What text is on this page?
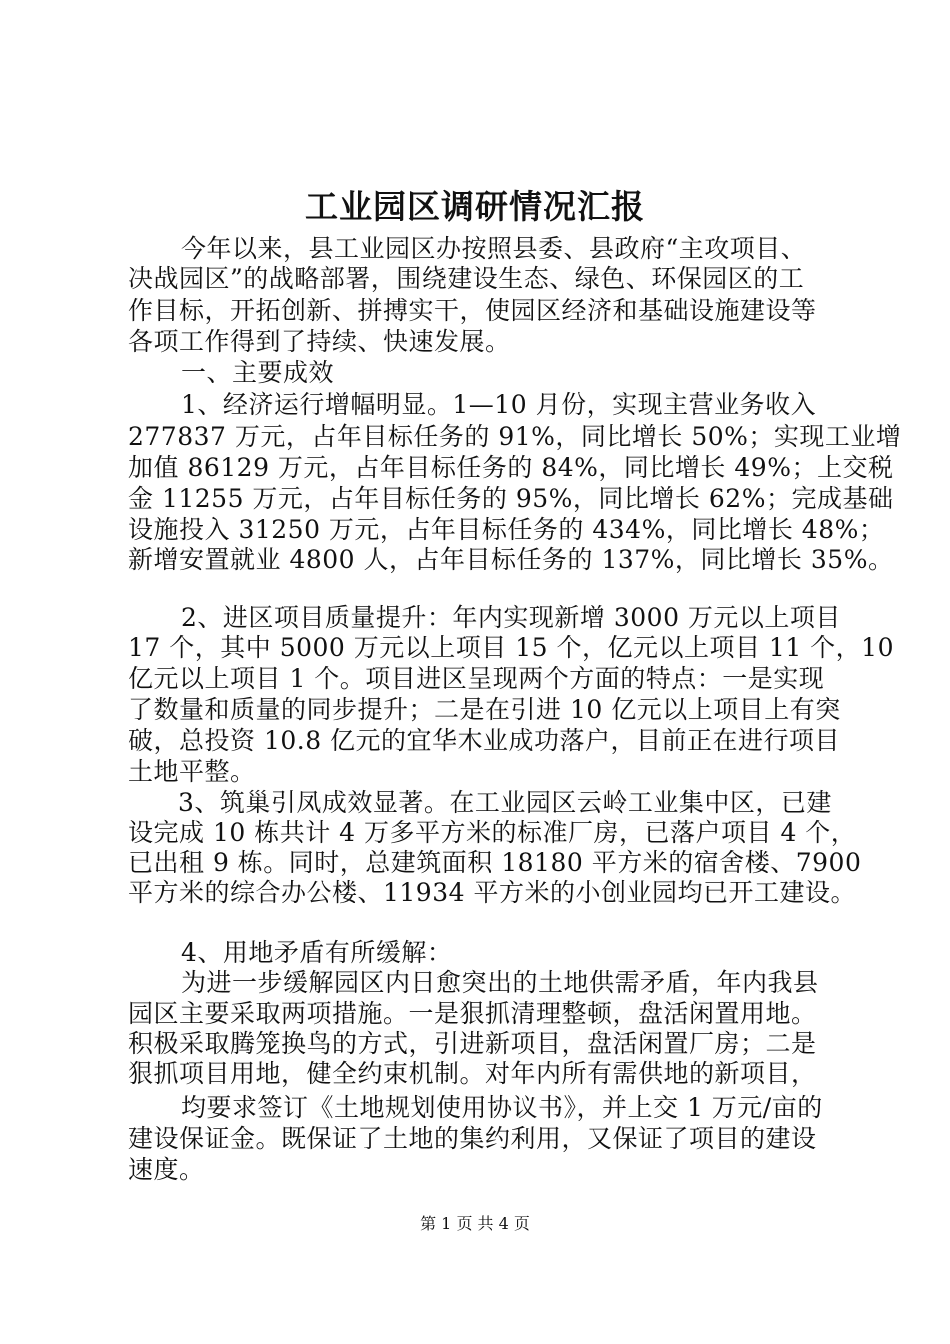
工业园区调研情况汇报
今年以来，县工业园区办按照县委、县政府“主攻项目、
决战园区”的战略部署，围绕建设生态、绿色、环保园区的工
作目标，开拓创新、拼搏实干，使园区经济和基础设施建设等
各项工作得到了持续、快速发展。
一、主要成效
1、经济运行增幅明显。1—10 月份，实现主营业务收入
277837 万元，占年目标任务的 91%，同比增长 50%；实现工业增
加值 86129 万元，占年目标任务的 84%，同比增长 49%；上交税
金 11255 万元，占年目标任务的 95%，同比增长 62%；完成基础
设施投入 31250 万元，占年目标任务的 434%，同比增长 48%；
新增安置就业 4800 人，占年目标任务的 137%，同比增长 35%。
2、进区项目质量提升：年内实现新增 3000 万元以上项目
17 个，其中 5000 万元以上项目 15 个，亿元以上项目 11 个，10
亿元以上项目 1 个。项目进区呈现两个方面的特点：一是实现
了数量和质量的同步提升；二是在引进 10 亿元以上项目上有突
破，总投资 10.8 亿元的宜华木业成功落户，目前正在进行项目
土地平整。
3、筑巢引凤成效显著。在工业园区云岭工业集中区，已建
设完成 10 栋共计 4 万多平方米的标准厂房，已落户项目 4 个，
已出租 9 栋。同时，总建筑面积 18180 平方米的宿舍楼、7900
平方米的综合办公楼、11934 平方米的小创业园均已开工建设。
4、用地矛盾有所缓解：
为进一步缓解园区内日愈突出的土地供需矛盾，年内我县
园区主要采取两项措施。一是狠抓清理整顿，盘活闲置用地。
积极采取腾笼换鸟的方式，引进新项目，盘活闲置厂房；二是
狠抓项目用地，健全约束机制。对年内所有需供地的新项目，
均要求签订《土地规划使用协议书》，并上交 1 万元/亩的
建设保证金。既保证了土地的集约利用，又保证了项目的建设
速度。
第 1 页 共 4 页
